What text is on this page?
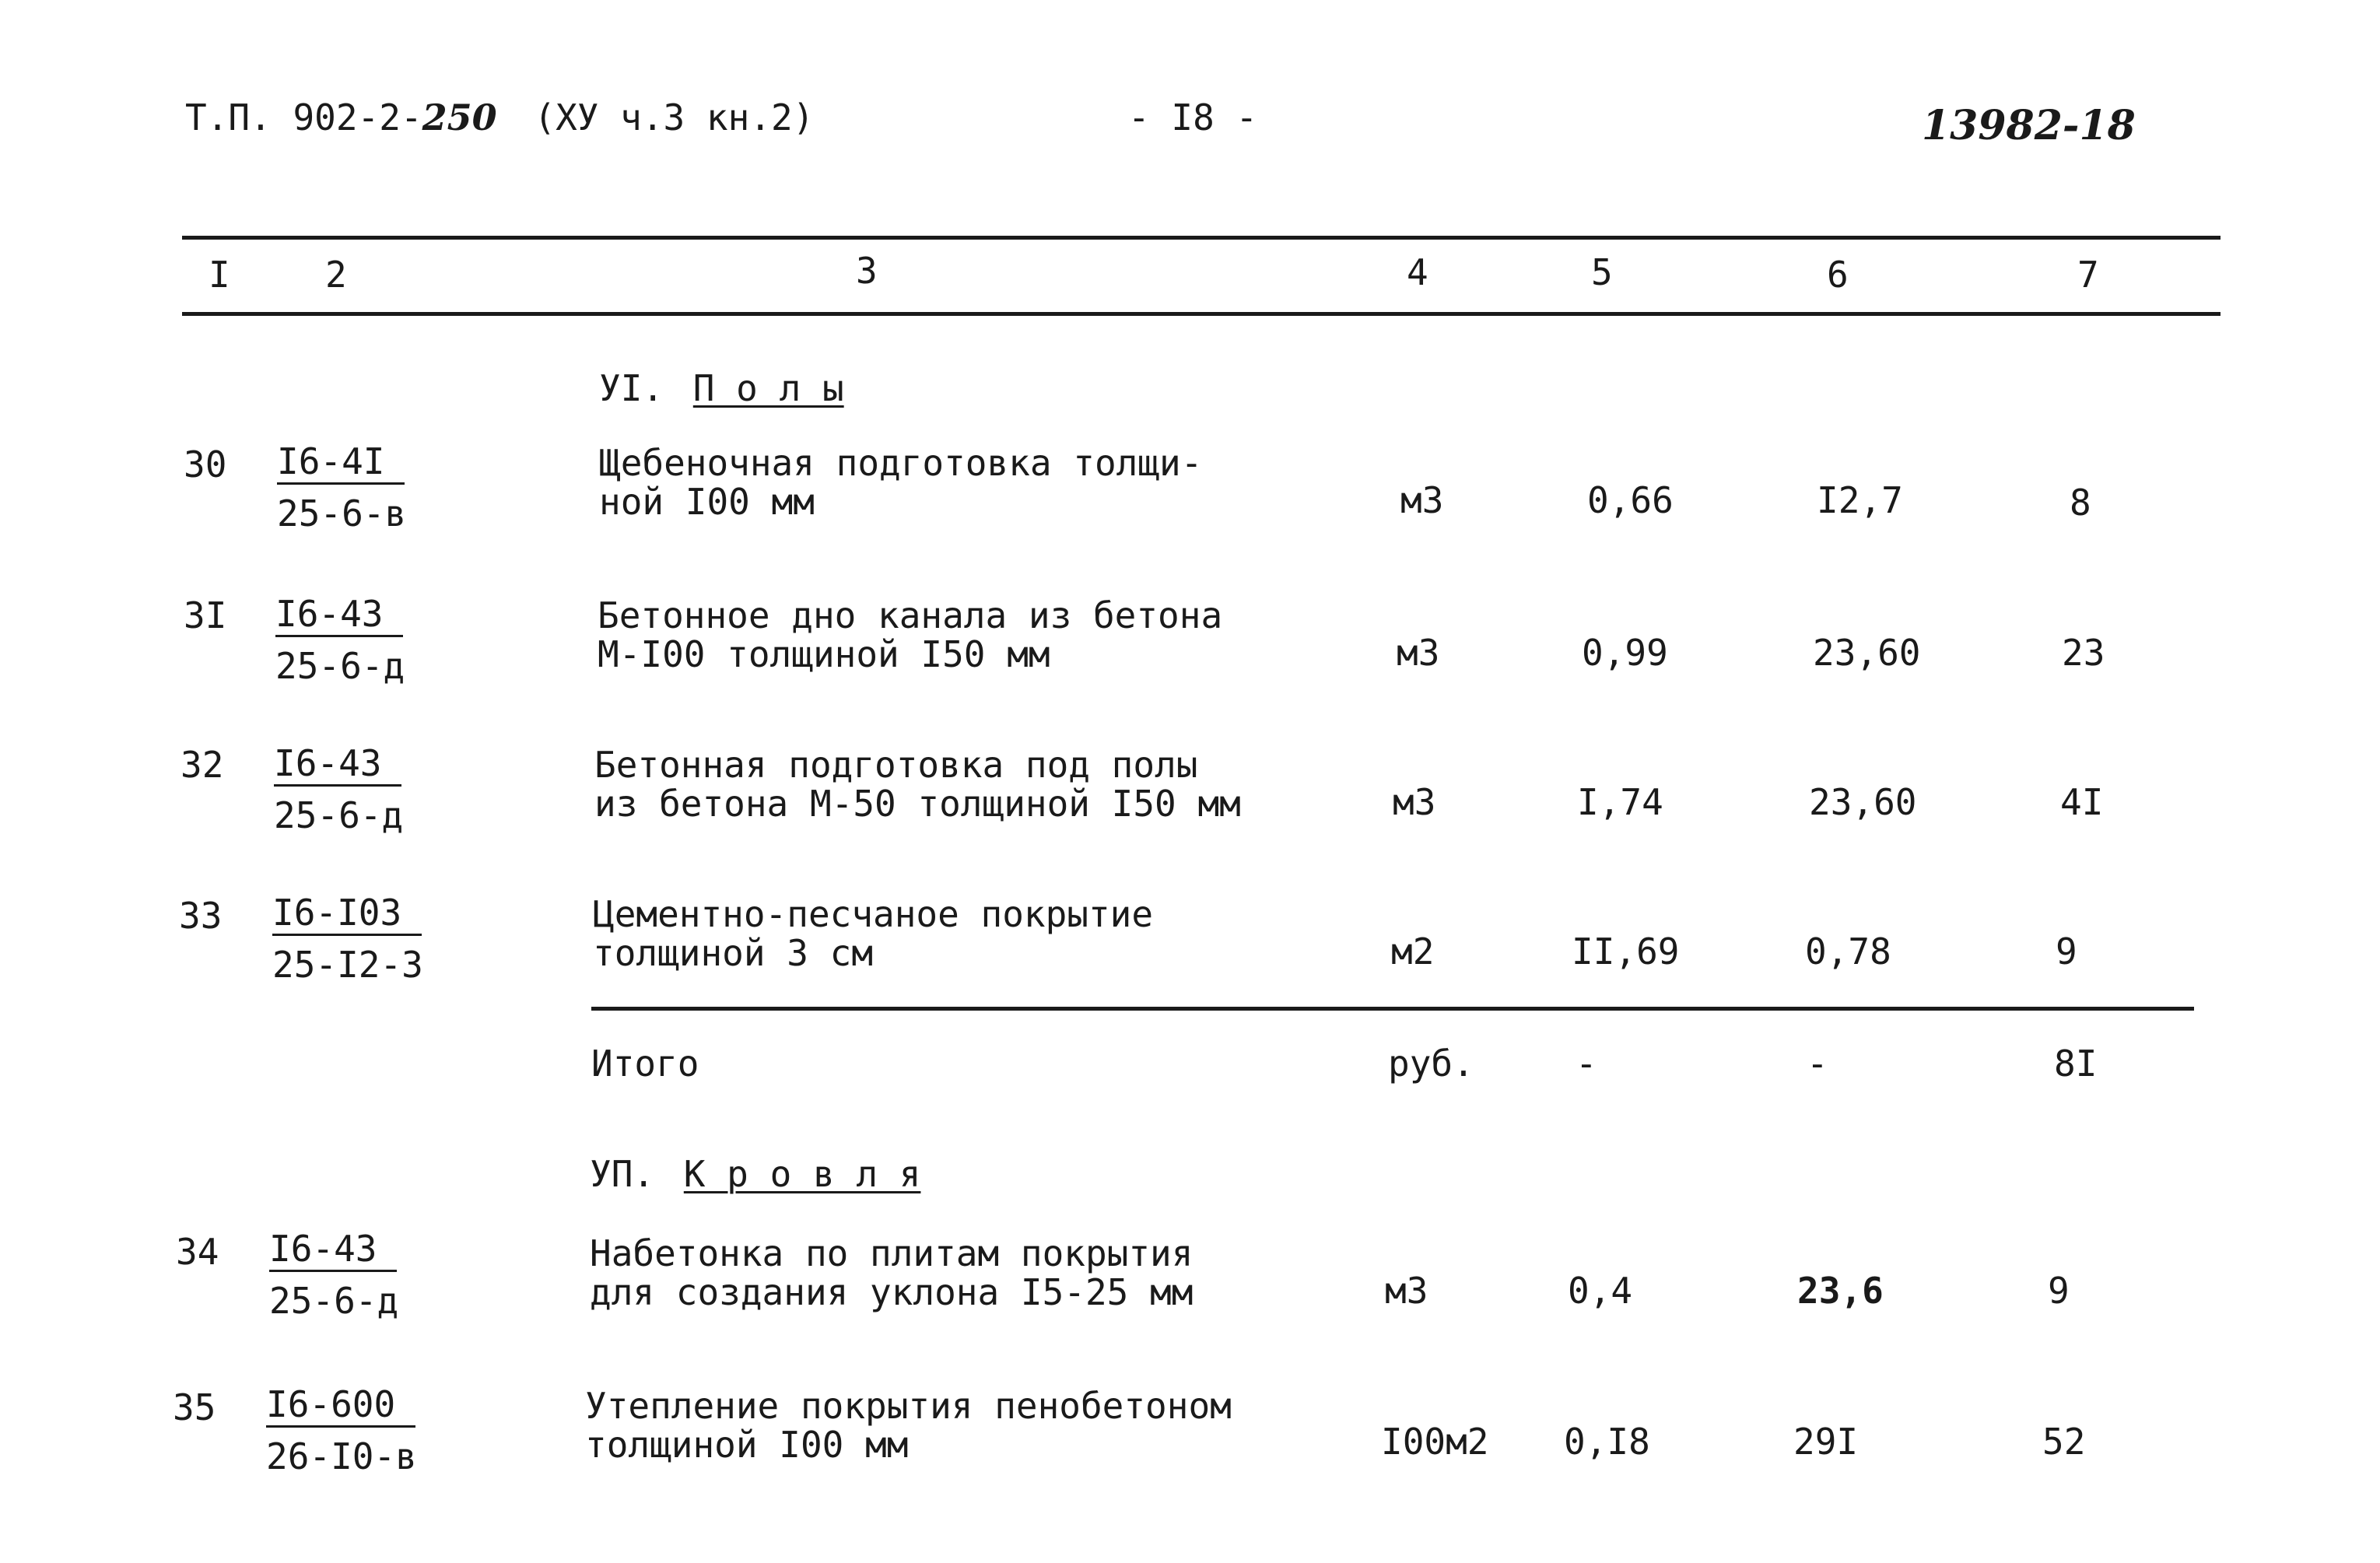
Т.П. 902-2-250 (ХУ ч.3 кн.2)	- I8 -	13982-18
I	2	3	4	5	6	7
УI. П о л ы
30 I6-4I
25-6-в
Щебеночная подготовка толщи-
ной I00 мм	м3	0,66	I2,7	8
3I I6-43
25-6-д
Бетонное дно канала из бетона
М-I00 толщиной I50 мм	м3	0,99	23,60	23
32 I6-43
25-6-д
Бетонная подготовка под полы
из бетона М-50 толщиной I50 мм	м3	I,74	23,60	4I
$33 \frac{I6-I03}{25-I2-3}$	Цементно-песчаное покрытие
толщиной 3 см	м2	II,69	0,78	9
Итого	руб.	-	-	8I
УП. К р о в л я
34 I6-43
25-6-д
Набетонка по плитам покрытия
для создания уклона I5-25 мм	м3	0,4	23,6	9
35 I6-600
26-I0-в
Утепление покрытия пенобетоном
толщиной I00 мм	I00м2 0,I8	29I	52
